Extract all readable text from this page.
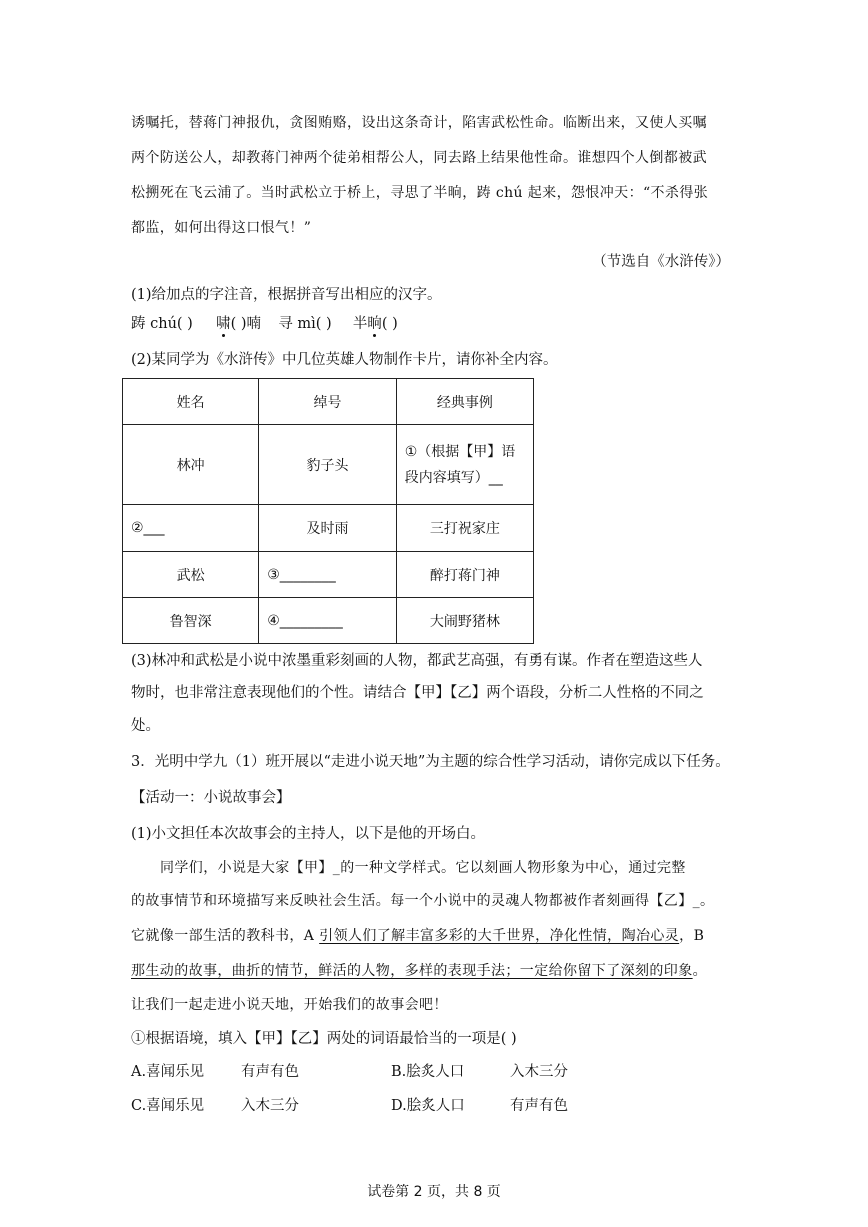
诱嘱托，替蒋门神报仇，贪图贿赂，设出这条奇计，陷害武松性命。临断出来，又使人买嘱
两个防送公人，却教蒋门神两个徒弟相帮公人，同去路上结果他性命。谁想四个人倒都被武
松搠死在飞云浦了。当时武松立于桥上，寻思了半晌，踌 chú 起来，怨恨冲天：“不杀得张
都监，如何出得这口恨气！”
（节选自《水浒传》）
(1)给加点的字注音，根据拼音写出相应的汉字。
踌 chú( ) 啸( )喃 寻 mì( ) 半晌( )
(2)某同学为《水浒传》中几位英雄人物制作卡片，请你补全内容。
姓名	绰号	经典事例
林冲	豹子头	①（根据【甲】语
段内容填写）__

②___	及时雨	三打祝家庄
武松	③________	醉打蒋门神
鲁智深	④_________	大闹野猪林
(3)林冲和武松是小说中浓墨重彩刻画的人物，都武艺高强，有勇有谋。作者在塑造这些人
物时，也非常注意表现他们的个性。请结合【甲】【乙】两个语段，分析二人性格的不同之
处。
3．光明中学九（1）班开展以“走进小说天地”为主题的综合性学习活动，请你完成以下任务。
【活动一：小说故事会】
(1)小文担任本次故事会的主持人，以下是他的开场白。
同学们，小说是大家【甲】_的一种文学样式。它以刻画人物形象为中心，通过完整
的故事情节和环境描写来反映社会生活。每一个小说中的灵魂人物都被作者刻画得【乙】_。
它就像一部生活的教科书，A 引领人们了解丰富多彩的大千世界，净化性情，陶冶心灵，B
那生动的故事，曲折的情节，鲜活的人物，多样的表现手法；一定给你留下了深刻的印象。
让我们一起走进小说天地，开始我们的故事会吧！
①根据语境，填入【甲】【乙】两处的词语最恰当的一项是( )
A.喜闻乐见	有声有色	B.脍炙人口	入木三分
C.喜闻乐见	入木三分	D.脍炙人口	有声有色
试卷第 2 页，共 8 页
